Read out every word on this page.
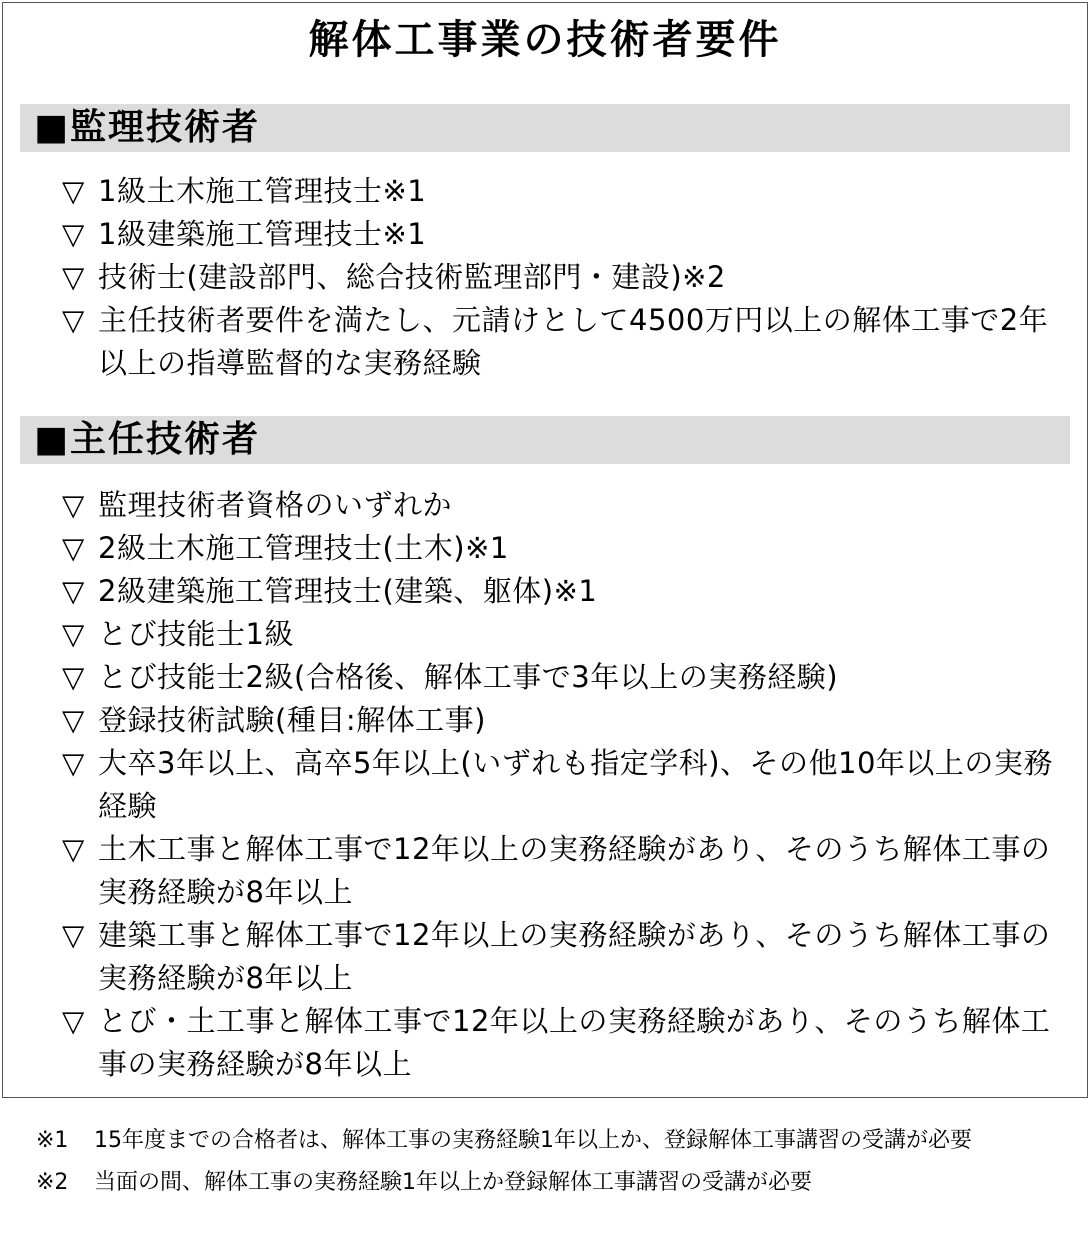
解体工事業の技術者要件
■監理技術者
▽ 1級土木施工管理技士※1
▽ 1級建築施工管理技士※1
▽ 技術士(建設部門、総合技術監理部門・建設)※2
▽ 主任技術者要件を満たし、元請けとして4500万円以上の解体工事で2年以上の指導監督的な実務経験
■主任技術者
▽ 監理技術者資格のいずれか
▽ 2級土木施工管理技士(土木)※1
▽ 2級建築施工管理技士(建築、躯体)※1
▽ とび技能士1級
▽ とび技能士2級(合格後、解体工事で3年以上の実務経験)
▽ 登録技術試験(種目:解体工事)
▽ 大卒3年以上、高卒5年以上(いずれも指定学科)、その他10年以上の実務経験
▽ 土木工事と解体工事で12年以上の実務経験があり、そのうち解体工事の実務経験が8年以上
▽ 建築工事と解体工事で12年以上の実務経験があり、そのうち解体工事の実務経験が8年以上
▽ とび・土工事と解体工事で12年以上の実務経験があり、そのうち解体工事の実務経験が8年以上
※1	15年度までの合格者は、解体工事の実務経験1年以上か、登録解体工事講習の受講が必要
※2	当面の間、解体工事の実務経験1年以上か登録解体工事講習の受講が必要
